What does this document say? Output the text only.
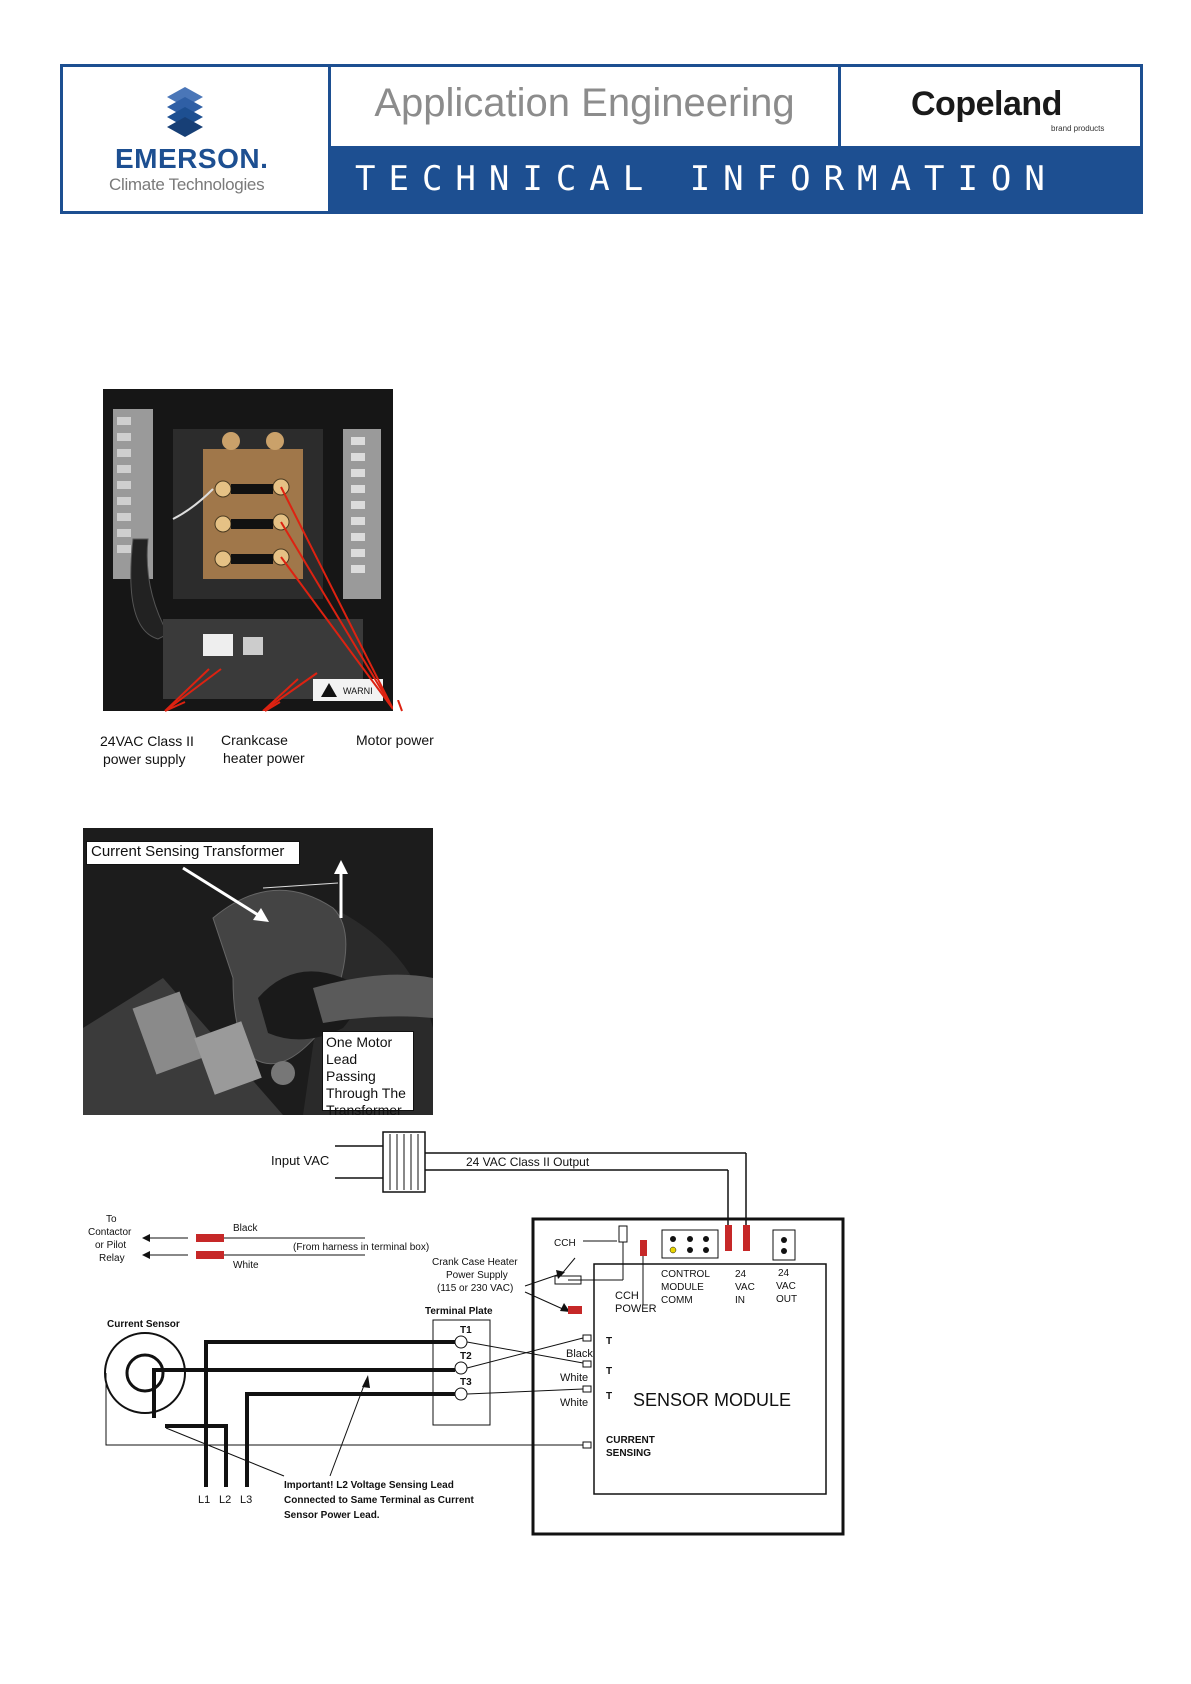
EMERSON.
Climate Technologies
Application Engineering	Copeland
brand products
TECHNICAL INFORMATION
WARNI
24VAC Class II
power supply
Crankcase
heater power
Motor power
Current Sensing Transformer
One Motor
Lead Passing
Through The
Transformer
Input VAC	24 VAC Class II Output
To
Contactor
or Pilot
Relay
Black
White
(From harness in terminal box)
Crank Case Heater
Power Supply
(115 or 230 VAC)
SENSOR MODULE
CURRENT
SENSING
CCH
CCH
POWER
CONTROL
MODULE
COMM
24
VAC
IN
24
VAC
OUT
Terminal Plate
T1
T2
T3
T
T
T
Black
White
White
Current Sensor
L1 L2 L3
Important! L2 Voltage Sensing Lead
Connected to Same Terminal as Current
Sensor Power Lead.
